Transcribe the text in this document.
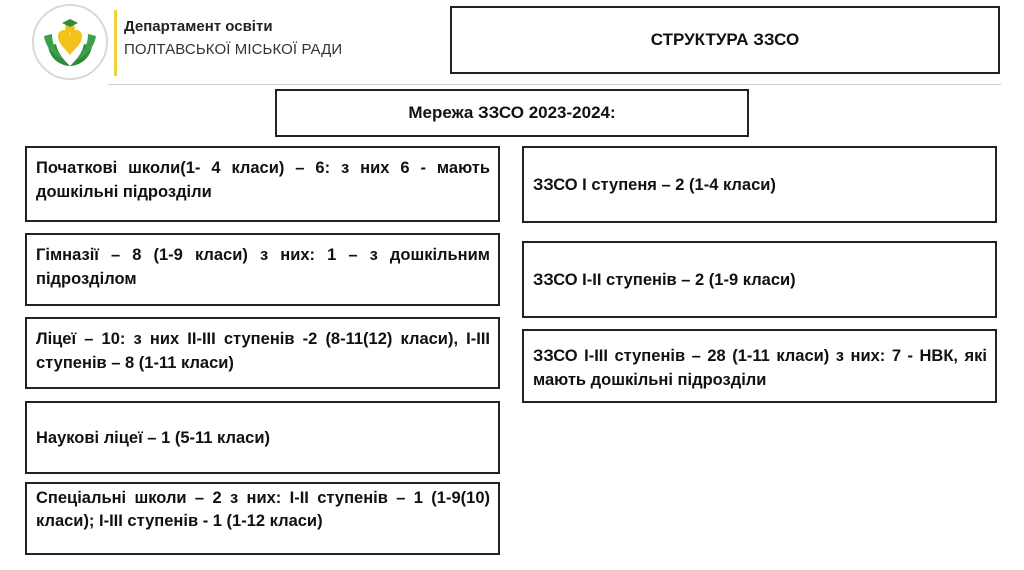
Департамент освіти
ПОЛТАВСЬКОЇ МІСЬКОЇ РАДИ
СТРУКТУРА ЗЗСО
Мережа ЗЗСО 2023-2024:
Початкові школи(1- 4 класи) – 6: з них 6 - мають дошкільні підрозділи
Гімназії – 8 (1-9 класи) з них: 1 – з дошкільним підрозділом
Ліцеї – 10: з них ІІ-ІІІ ступенів -2 (8-11(12) класи), І-ІІІ ступенів – 8 (1-11 класи)
Наукові ліцеї – 1 (5-11 класи)
Спеціальні школи – 2 з них: І-ІІ ступенів – 1 (1-9(10) класи); І-ІІІ ступенів - 1 (1-12 класи)
ЗЗСО І ступеня – 2 (1-4 класи)
ЗЗСО І-ІІ ступенів – 2 (1-9 класи)
ЗЗСО І-ІІІ ступенів – 28 (1-11 класи) з них: 7 - НВК, які мають дошкільні підрозділи
